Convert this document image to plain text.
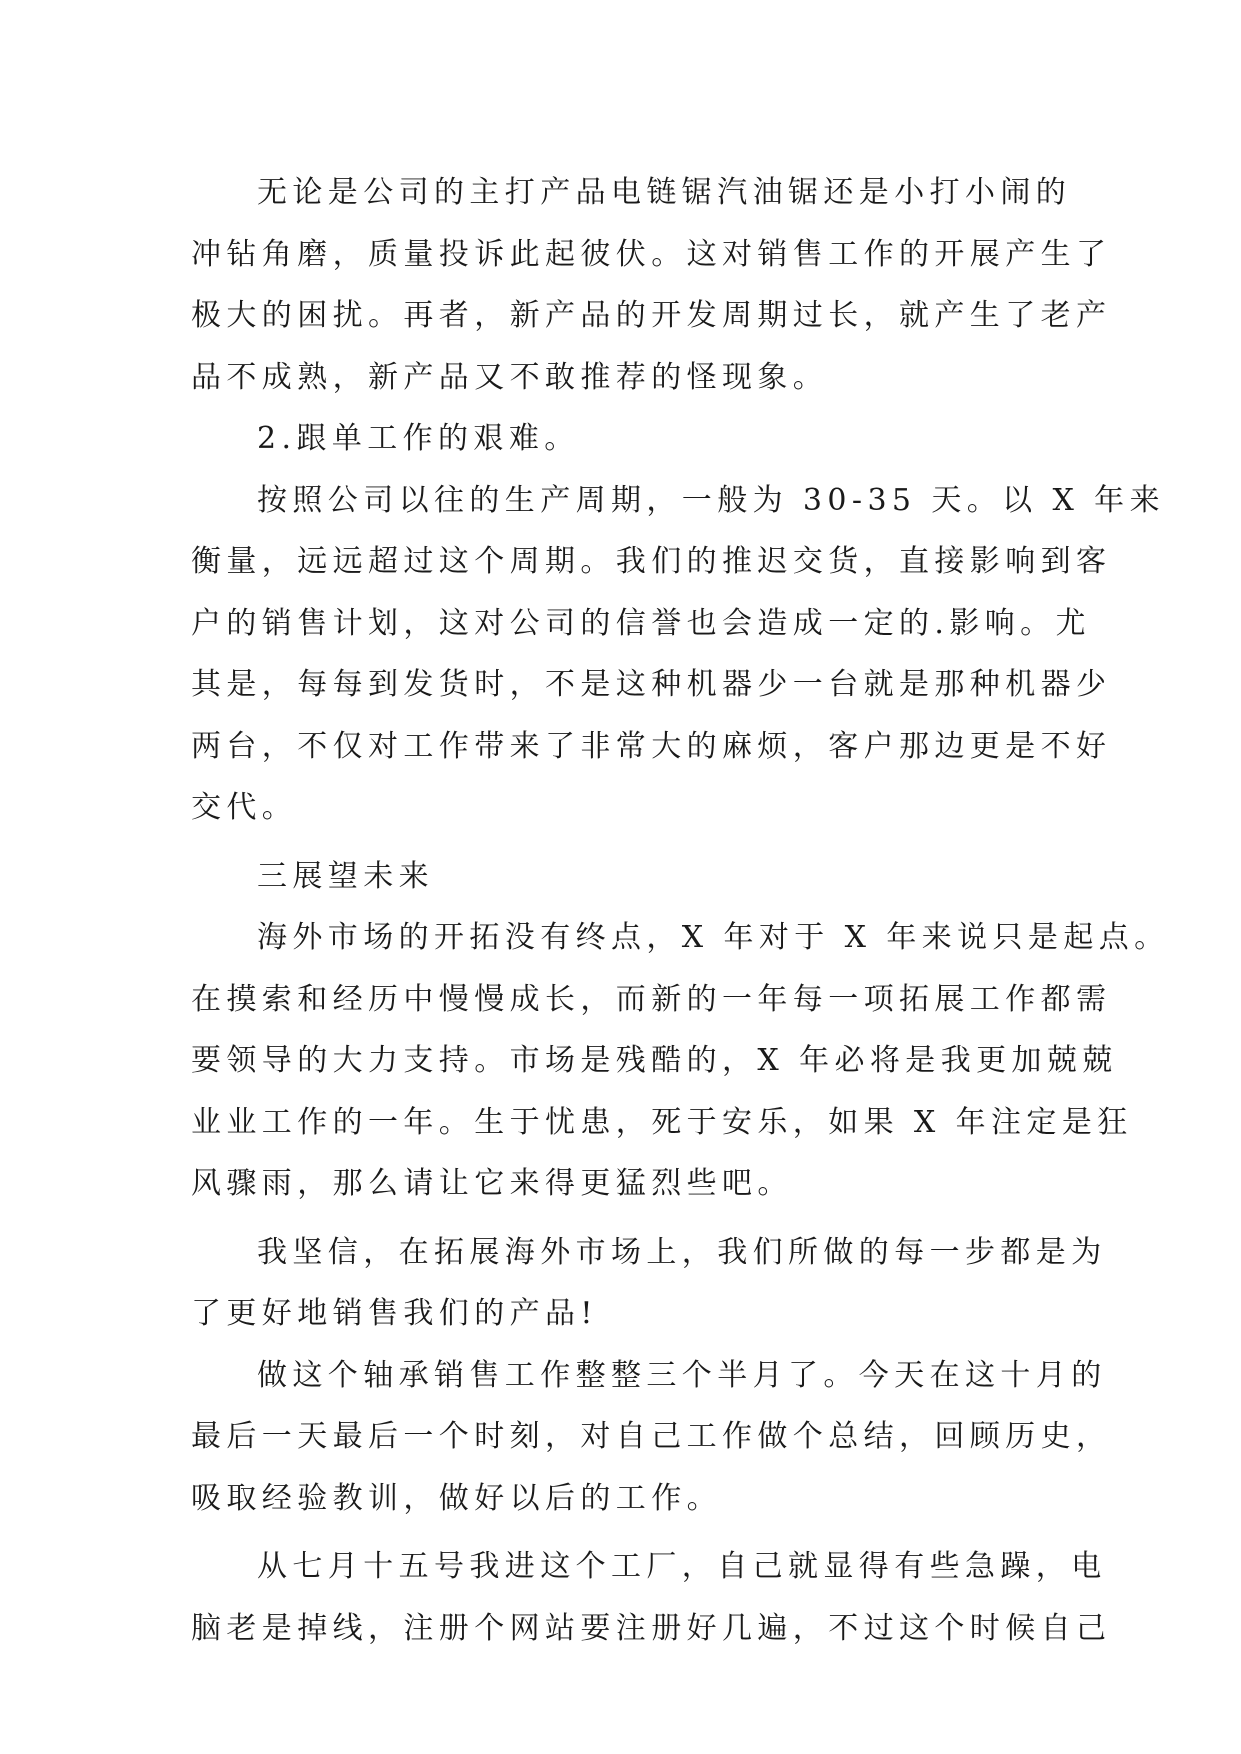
无论是公司的主打产品电链锯汽油锯还是小打小闹的
冲钻角磨，质量投诉此起彼伏。这对销售工作的开展产生了
极大的困扰。再者，新产品的开发周期过长，就产生了老产
品不成熟，新产品又不敢推荐的怪现象。
2.跟单工作的艰难。
按照公司以往的生产周期，一般为 30-35 天。以 X 年来
衡量，远远超过这个周期。我们的推迟交货，直接影响到客
户的销售计划，这对公司的信誉也会造成一定的.影响。尤
其是，每每到发货时，不是这种机器少一台就是那种机器少
两台，不仅对工作带来了非常大的麻烦，客户那边更是不好
交代。
三展望未来
海外市场的开拓没有终点，X 年对于 X 年来说只是起点。
在摸索和经历中慢慢成长，而新的一年每一项拓展工作都需
要领导的大力支持。市场是残酷的，X 年必将是我更加兢兢
业业工作的一年。生于忧患，死于安乐，如果 X 年注定是狂
风骤雨，那么请让它来得更猛烈些吧。
我坚信，在拓展海外市场上，我们所做的每一步都是为
了更好地销售我们的产品!
做这个轴承销售工作整整三个半月了。今天在这十月的
最后一天最后一个时刻，对自己工作做个总结，回顾历史，
吸取经验教训，做好以后的工作。
从七月十五号我进这个工厂，自己就显得有些急躁，电
脑老是掉线，注册个网站要注册好几遍，不过这个时候自己
